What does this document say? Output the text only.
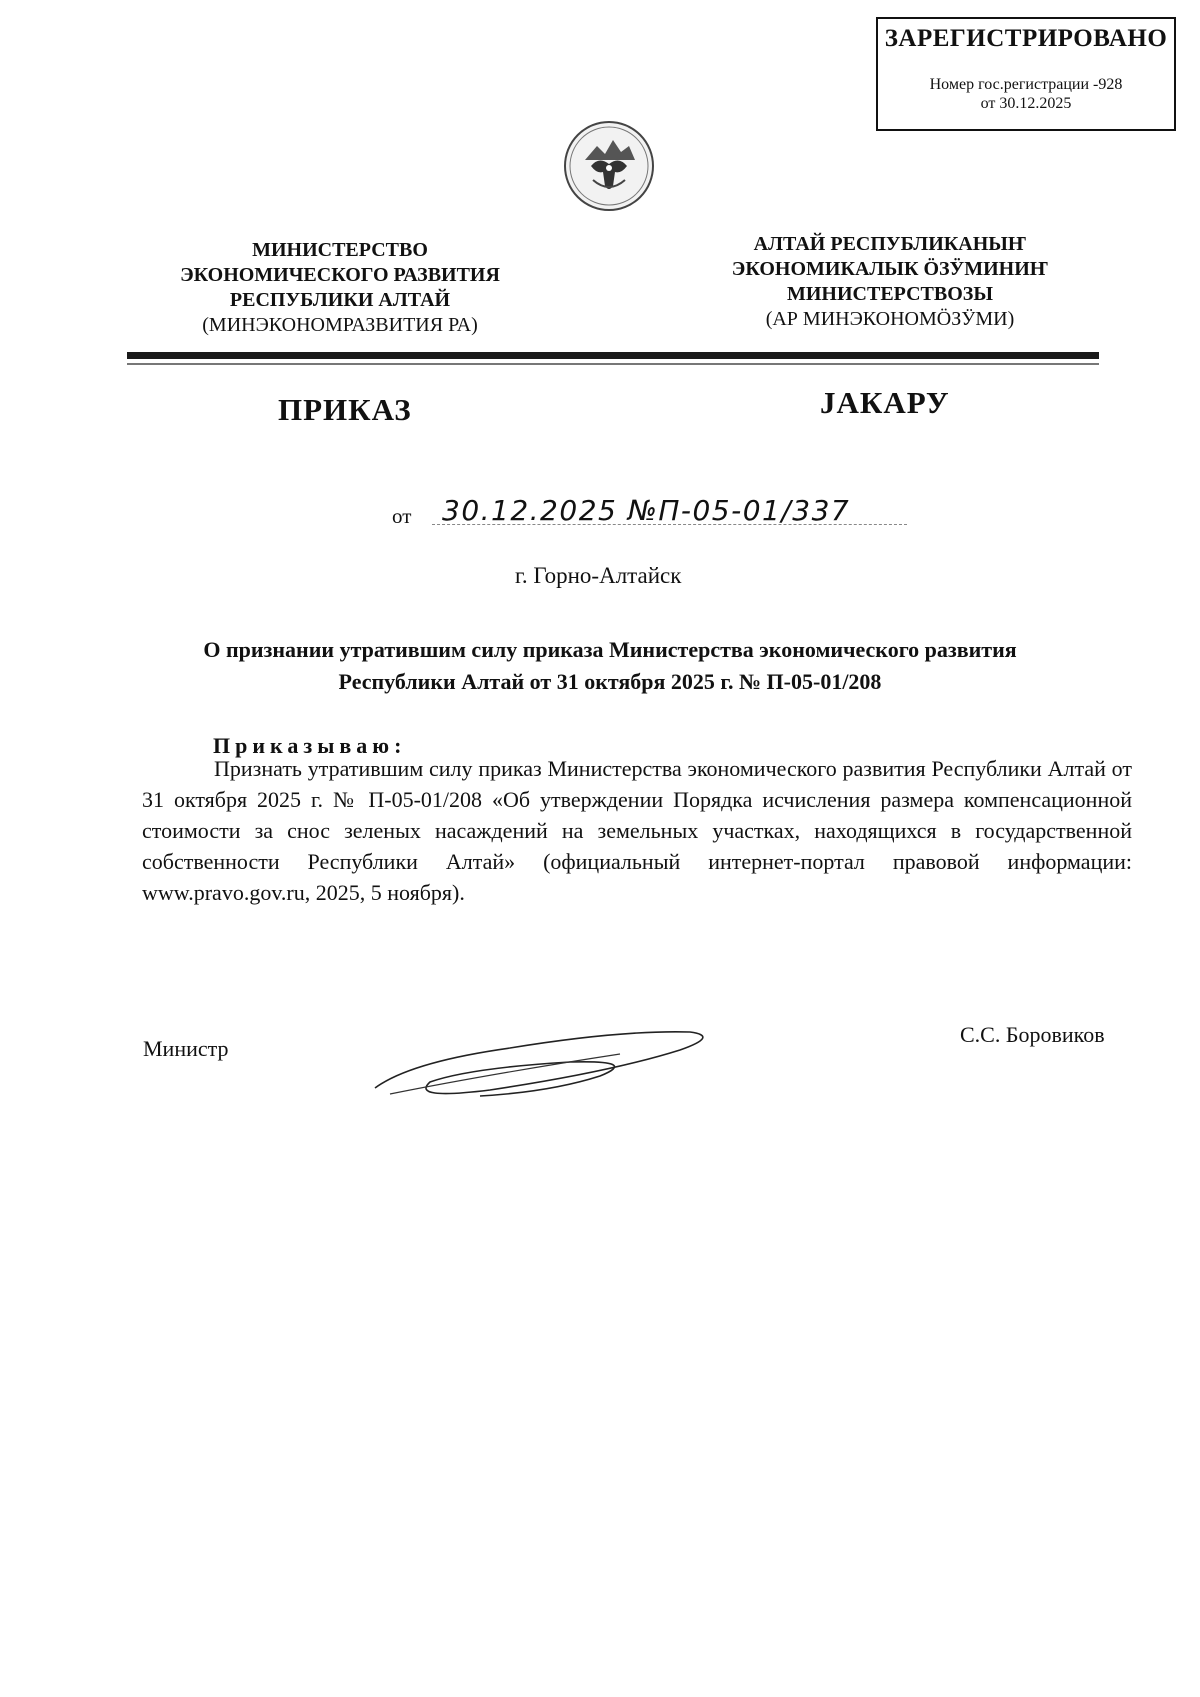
ЗАРЕГИСТРИРОВАНО
Номер гос.регистрации -928
от 30.12.2025
МИНИСТЕРСТВО
ЭКОНОМИЧЕСКОГО РАЗВИТИЯ
РЕСПУБЛИКИ АЛТАЙ
(МИНЭКОНОМРАЗВИТИЯ РА)
АЛТАЙ РЕСПУБЛИКАНЫҤ
ЭКОНОМИКАЛЫК ÖЗӰМИНИҤ
МИНИСТЕРСТВОЗЫ
(АР МИНЭКОНОМÖЗӰМИ)
ПРИКАЗ	JАКАРУ
от 30.12.2025 №П-05-01/337
г. Горно-Алтайск
О признании утратившим силу приказа Министерства экономического развития
Республики Алтай от 31 октября 2025 г. № П-05-01/208
Приказываю:
Признать утратившим силу приказ Министерства экономического развития Республики Алтай от 31 октября 2025 г. № П-05-01/208 «Об утверждении Порядка исчисления размера компенсационной стоимости за снос зеленых насаждений на земельных участках, находящихся в государственной собственности Республики Алтай» (официальный интернет-портал правовой информации: www.pravo.gov.ru, 2025, 5 ноября).
Министр
С.С. Боровиков
